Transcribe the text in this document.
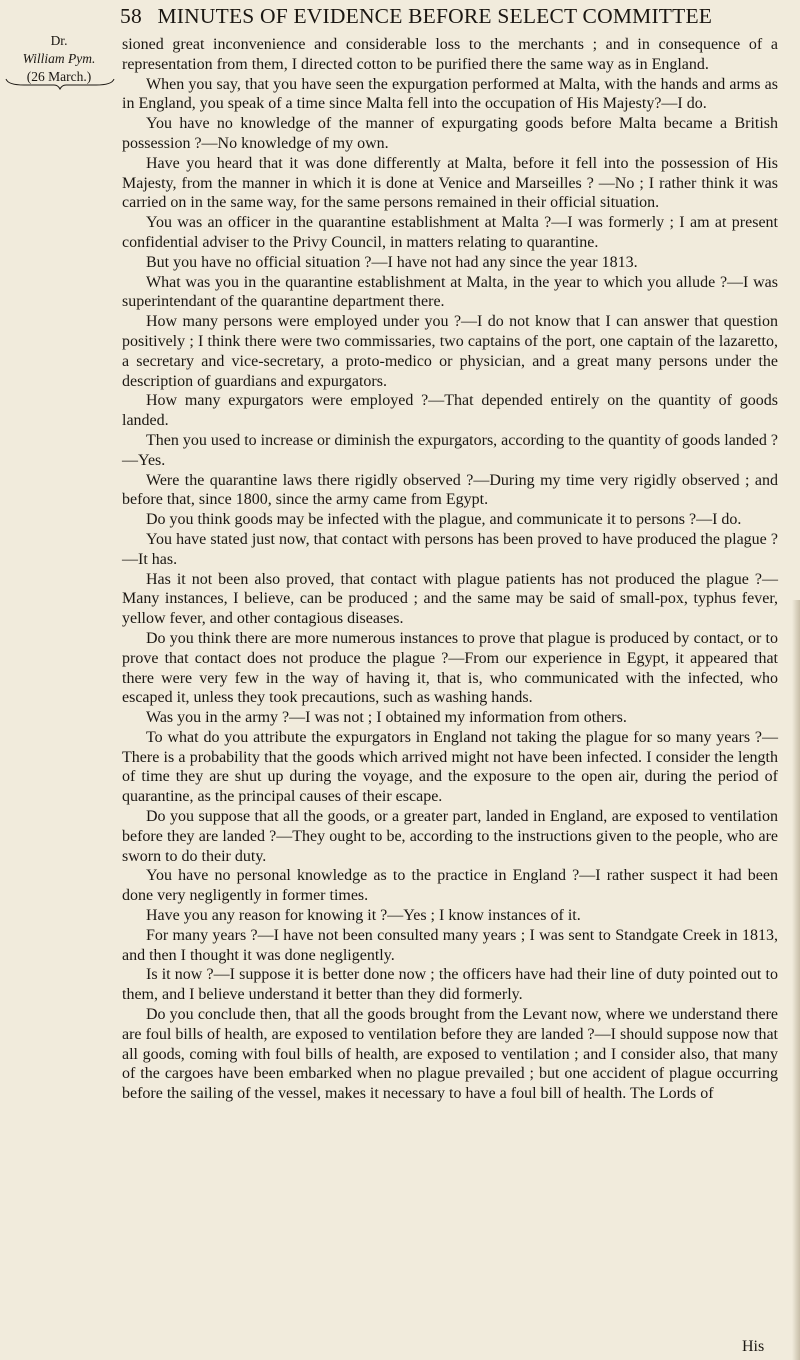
58 MINUTES OF EVIDENCE BEFORE SELECT COMMITTEE
Dr.
William Pym.
(26 March.)

sioned great inconvenience and considerable loss to the merchants ; and in consequence of a representation from them, I directed cotton to be purified there the same way as in England.

When you say, that you have seen the expurgation performed at Malta, with the hands and arms as in England, you speak of a time since Malta fell into the occupation of His Majesty?—I do.

You have no knowledge of the manner of expurgating goods before Malta became a British possession ?—No knowledge of my own.

Have you heard that it was done differently at Malta, before it fell into the possession of His Majesty, from the manner in which it is done at Venice and Marseilles ? —No ; I rather think it was carried on in the same way, for the same persons remained in their official situation.

You was an officer in the quarantine establishment at Malta ?—I was formerly ; I am at present confidential adviser to the Privy Council, in matters relating to quarantine.

But you have no official situation ?—I have not had any since the year 1813.

What was you in the quarantine establishment at Malta, in the year to which you allude ?—I was superintendant of the quarantine department there.

How many persons were employed under you ?—I do not know that I can answer that question positively ; I think there were two commissaries, two captains of the port, one captain of the lazaretto, a secretary and vice-secretary, a proto-medico or physician, and a great many persons under the description of guardians and expurgators.

How many expurgators were employed ?—That depended entirely on the quantity of goods landed.

Then you used to increase or diminish the expurgators, according to the quantity of goods landed ?—Yes.

Were the quarantine laws there rigidly observed ?—During my time very rigidly observed ; and before that, since 1800, since the army came from Egypt.

Do you think goods may be infected with the plague, and communicate it to persons ?—I do.

You have stated just now, that contact with persons has been proved to have produced the plague ?—It has.

Has it not been also proved, that contact with plague patients has not produced the plague ?—Many instances, I believe, can be produced ; and the same may be said of small-pox, typhus fever, yellow fever, and other contagious diseases.

Do you think there are more numerous instances to prove that plague is produced by contact, or to prove that contact does not produce the plague ?—From our experience in Egypt, it appeared that there were very few in the way of having it, that is, who communicated with the infected, who escaped it, unless they took precautions, such as washing hands.

Was you in the army ?—I was not ; I obtained my information from others.

To what do you attribute the expurgators in England not taking the plague for so many years ?—There is a probability that the goods which arrived might not have been infected. I consider the length of time they are shut up during the voyage, and the exposure to the open air, during the period of quarantine, as the principal causes of their escape.

Do you suppose that all the goods, or a greater part, landed in England, are exposed to ventilation before they are landed ?—They ought to be, according to the instructions given to the people, who are sworn to do their duty.

You have no personal knowledge as to the practice in England ?—I rather suspect it had been done very negligently in former times.

Have you any reason for knowing it ?—Yes ; I know instances of it.

For many years ?—I have not been consulted many years ; I was sent to Standgate Creek in 1813, and then I thought it was done negligently.

Is it now ?—I suppose it is better done now ; the officers have had their line of duty pointed out to them, and I believe understand it better than they did formerly.

Do you conclude then, that all the goods brought from the Levant now, where we understand there are foul bills of health, are exposed to ventilation before they are landed ?—I should suppose now that all goods, coming with foul bills of health, are exposed to ventilation ; and I consider also, that many of the cargoes have been embarked when no plague prevailed ; but one accident of plague occurring before the sailing of the vessel, makes it necessary to have a foul bill of health. The Lords of

His
